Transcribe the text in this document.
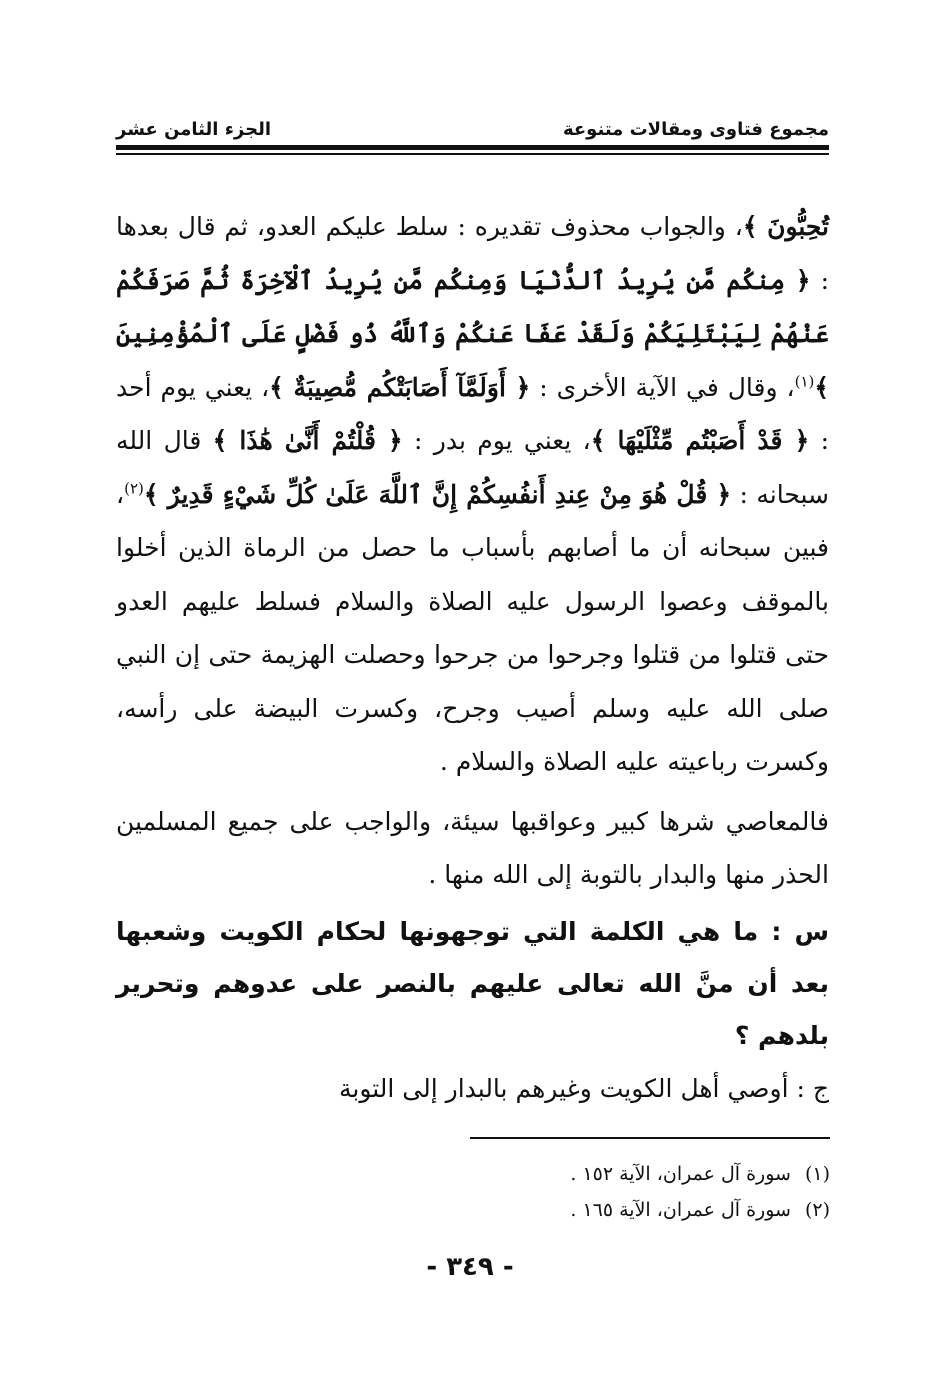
مجموع فتاوى ومقالات متنوعة
الجزء الثامن عشر

تُحِبُّونَ ﴾، والجواب محذوف تقديره : سلط عليكم العدو، ثم قال بعدها : ﴿ مِنكُم مَّن يُرِيدُ ٱلدُّنْيَا وَمِنكُم مَّن يُرِيدُ ٱلْآخِرَةَ ثُمَّ صَرَفَكُمْ عَنْهُمْ لِيَبْتَلِيَكُمْ وَلَقَدْ عَفَا عَنكُمْ وَٱللَّهُ ذُو فَضْلٍ عَلَى ٱلْمُؤْمِنِينَ ﴾$^{(١)}$، وقال في الآية الأخرى : ﴿ أَوَلَمَّآ أَصَابَتْكُم مُّصِيبَةٌ ﴾، يعني يوم أحد : ﴿ قَدْ أَصَبْتُم مِّثْلَيْهَا ﴾، يعني يوم بدر : ﴿ قُلْتُمْ أَنَّىٰ هَٰذَا ﴾ قال الله سبحانه : ﴿ قُلْ هُوَ مِنْ عِندِ أَنفُسِكُمْ إِنَّ ٱللَّهَ عَلَىٰ كُلِّ شَيْءٍ قَدِيرٌ ﴾$^{(٢)}$، فبين سبحانه أن ما أصابهم بأسباب ما حصل من الرماة الذين أخلوا بالموقف وعصوا الرسول عليه الصلاة والسلام فسلط عليهم العدو حتى قتلوا من قتلوا وجرحوا من جرحوا وحصلت الهزيمة حتى إن النبي صلى الله عليه وسلم أصيب وجرح، وكسرت البيضة على رأسه، وكسرت رباعيته عليه الصلاة والسلام .

فالمعاصي شرها كبير وعواقبها سيئة، والواجب على جميع المسلمين الحذر منها والبدار بالتوبة إلى الله منها .

س : ما هي الكلمة التي توجهونها لحكام الكويت وشعبها بعد أن منَّ الله تعالى عليهم بالنصر على عدوهم وتحرير بلدهم ؟

ج : أوصي أهل الكويت وغيرهم بالبدار إلى التوبة

(١)
سورة آل عمران، الآية ١٥٢ .
(٢)
سورة آل عمران، الآية ١٦٥ .
- ٣٤٩ -
